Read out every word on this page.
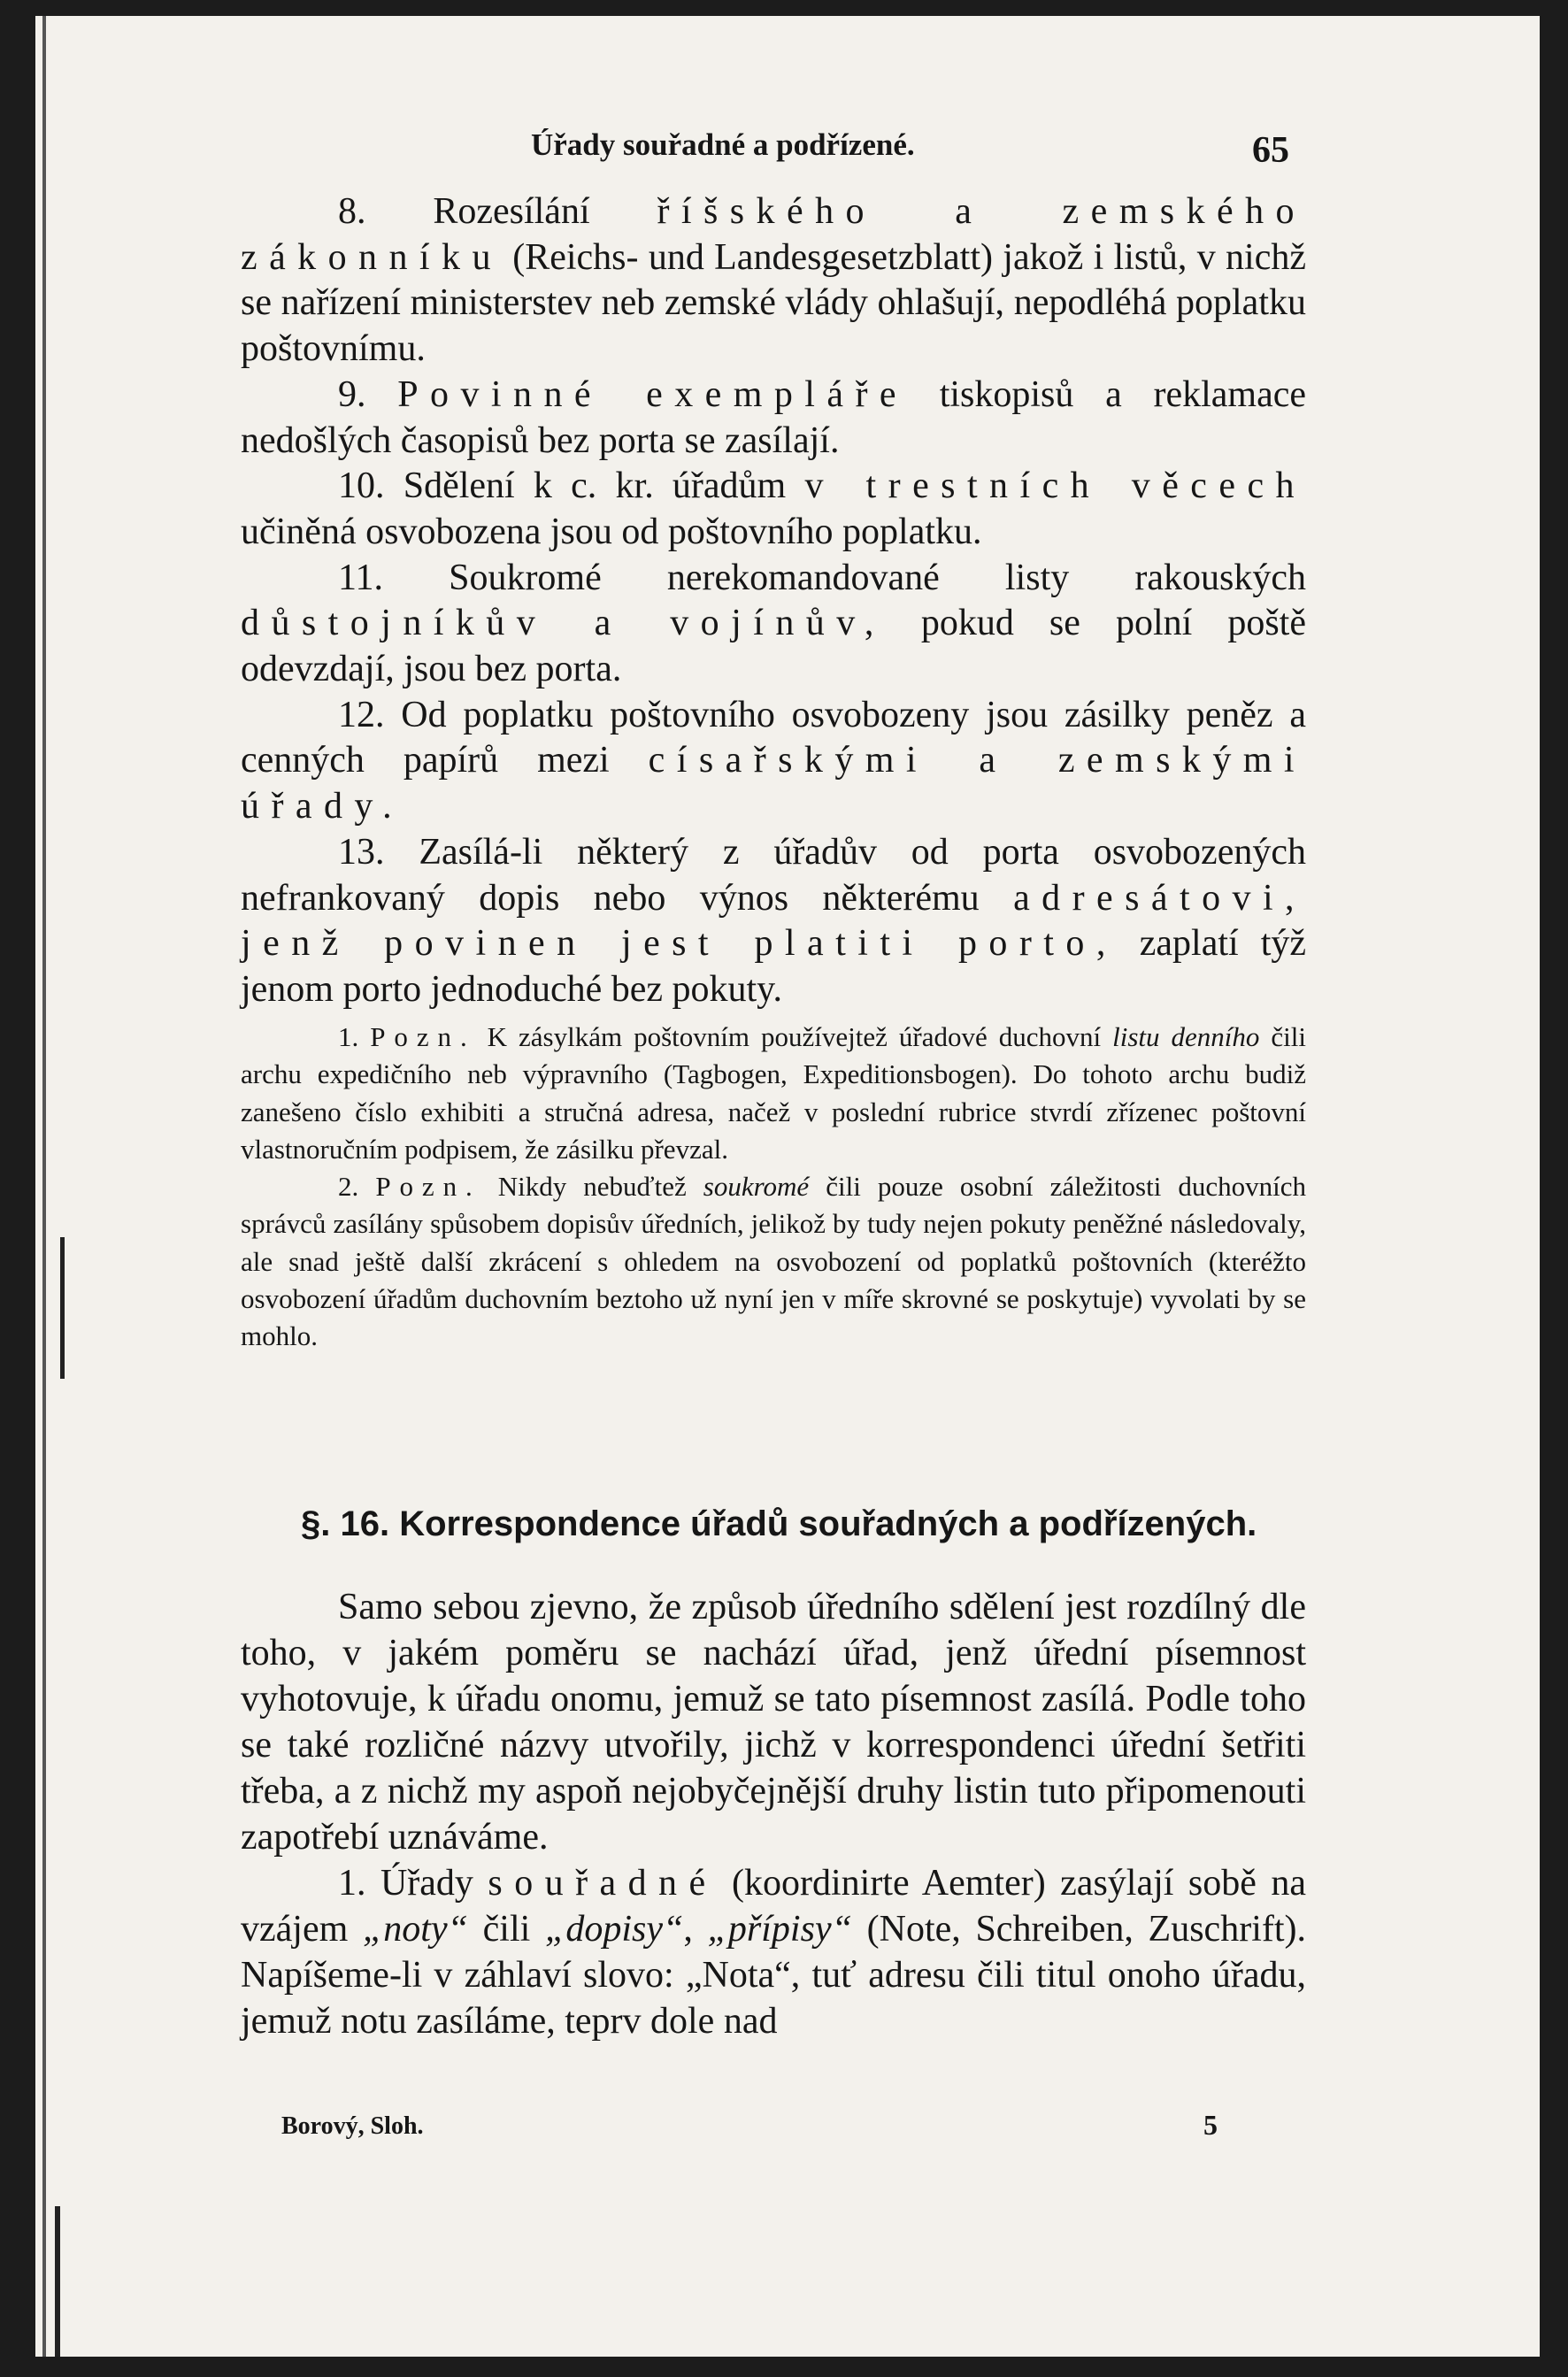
Úřady souřadné a podřízené.	65

8. Rozesílání říšského a zemského zákonníku (Reichs- und Landesgesetzblatt) jakož i listů, v nichž se nařízení ministerstev neb zemské vlády ohlašují, nepodléhá poplatku poštovnímu.

9. Povinné exempláře tiskopisů a reklamace nedošlých časopisů bez porta se zasílají.

10. Sdělení k c. kr. úřadům v trestních věcech učiněná osvobozena jsou od poštovního poplatku.

11. Soukromé nerekomandované listy rakouských důstojníkův a vojínův, pokud se polní poště odevzdají, jsou bez porta.

12. Od poplatku poštovního osvobozeny jsou zásilky peněz a cenných papírů mezi císařskými a zemskými úřady.

13. Zasílá-li některý z úřadův od porta osvobozených nefrankovaný dopis nebo výnos některému adresátovi, jenž povinen jest platiti porto, zaplatí týž jenom porto jednoduché bez pokuty.

1. Pozn. K zásylkám poštovním používejtež úřadové duchovní listu denního čili archu expedičního neb výpravního (Tagbogen, Expeditionsbogen). Do tohoto archu budiž zanešeno číslo exhibiti a stručná adresa, načež v poslední rubrice stvrdí zřízenec poštovní vlastnoručním podpisem, že zásilku převzal.

2. Pozn. Nikdy nebuďtež soukromé čili pouze osobní záležitosti duchovních správců zasílány spůsobem dopisův úředních, jelikož by tudy nejen pokuty peněžné následovaly, ale snad ještě další zkrácení s ohledem na osvobození od poplatků poštovních (kteréžto osvobození úřadům duchovním beztoho už nyní jen v míře skrovné se poskytuje) vyvolati by se mohlo.

§. 16. Korrespondence úřadů souřadných a podřízených.

Samo sebou zjevno, že způsob úředního sdělení jest rozdílný dle toho, v jakém poměru se nachází úřad, jenž úřední písemnost vyhotovuje, k úřadu onomu, jemuž se tato písemnost zasílá. Podle toho se také rozličné názvy utvořily, jichž v korrespondenci úřední šetřiti třeba, a z nichž my aspoň nejobyčejnější druhy listin tuto připomenouti zapotřebí uznáváme.

1. Úřady souřadné (koordinirte Aemter) zasýlají sobě na vzájem „noty“ čili „dopisy“, „přípisy“ (Note, Schreiben, Zuschrift). Napíšeme-li v záhlaví slovo: „Nota“, tuť adresu čili titul onoho úřadu, jemuž notu zasíláme, teprv dole nad

Borový, Sloh.	5
